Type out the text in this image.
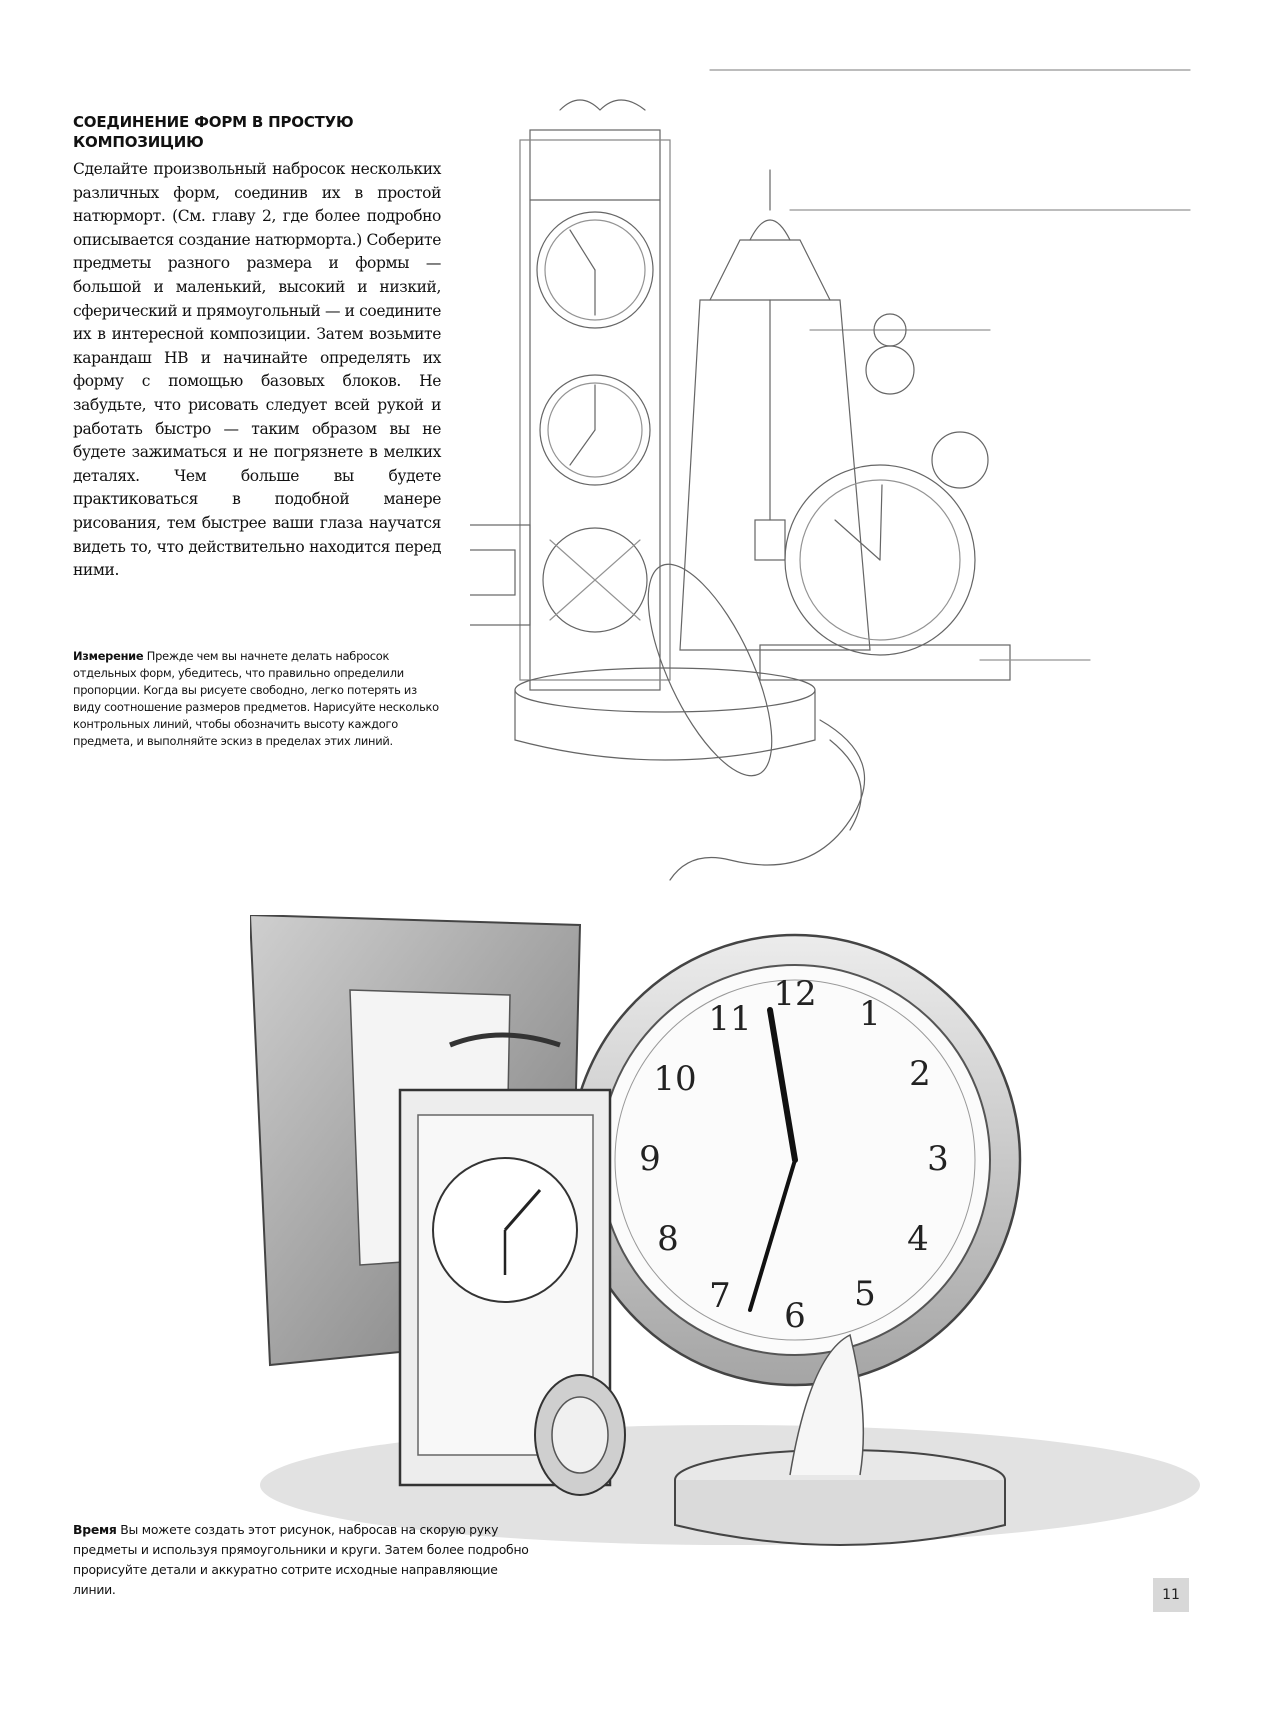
СОЕДИНЕНИЕ ФОРМ В ПРОСТУЮ КОМПОЗИЦИЮ

Сделайте произвольный набросок нескольких различных форм, соединив их в простой натюрморт. (См. главу 2, где более подробно описывается создание натюрморта.) Соберите предметы разного размера и формы — большой и маленький, высокий и низкий, сферический и прямоугольный — и соедините их в интересной композиции. Затем возьмите карандаш HB и начинайте определять их форму с помощью базовых блоков. Не забудьте, что рисовать следует всей рукой и работать быстро — таким образом вы не будете зажиматься и не погрязнете в мелких деталях. Чем больше вы будете практиковаться в подобной манере рисования, тем быстрее ваши глаза научатся видеть то, что действительно находится перед ними.

Измерение Прежде чем вы начнете делать набросок отдельных форм, убедитесь, что правильно определили пропорции. Когда вы рисуете свободно, легко потерять из виду соотношение размеров предметов. Нарисуйте несколько контрольных линий, чтобы обозначить высоту каждого предмета, и выполняйте эскиз в пределах этих линий.

12 1
2
3
4
5
6
7
8
9
10
11

Время Вы можете создать этот рисунок, набросав на скорую руку предметы и используя прямоугольники и круги. Затем более подробно прорисуйте детали и аккуратно сотрите исходные направляющие линии.	11
